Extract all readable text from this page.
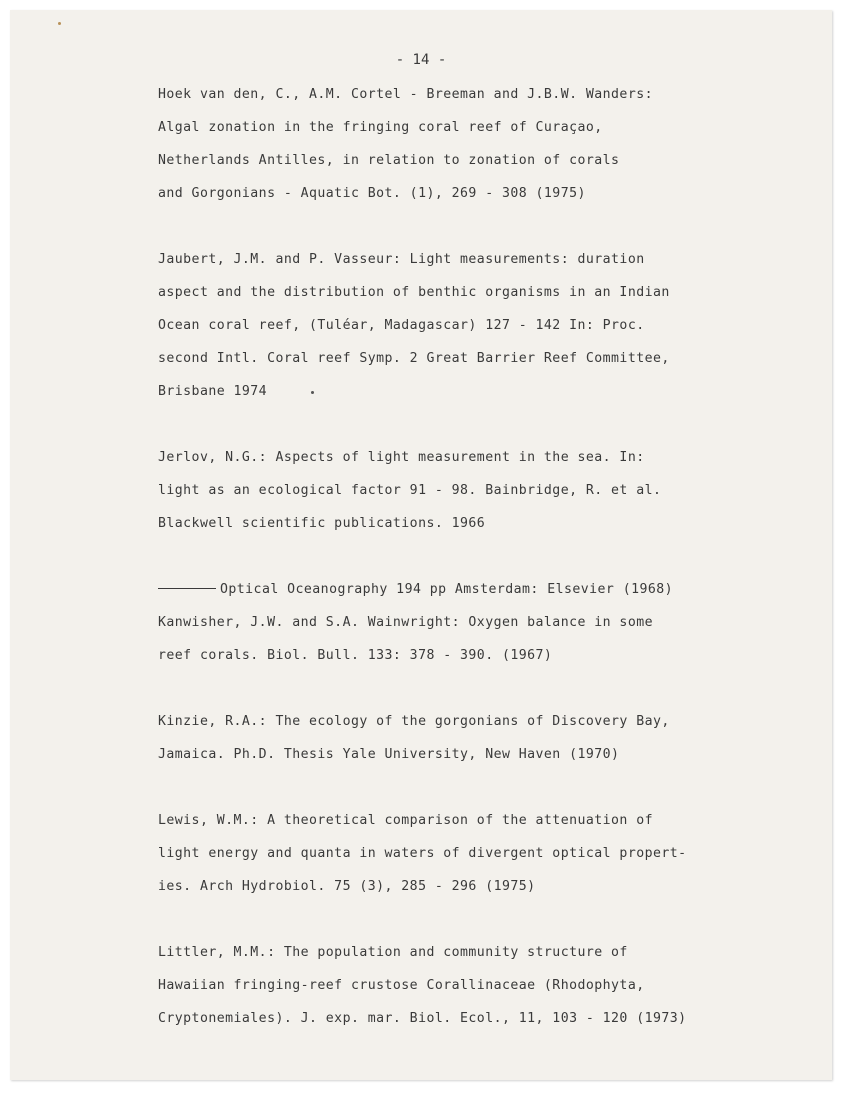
- 14 -
Hoek van den, C., A.M. Cortel - Breeman and J.B.W. Wanders:
Algal zonation in the fringing coral reef of Curaçao,
Netherlands Antilles, in relation to zonation of corals
and Gorgonians - Aquatic Bot. (1), 269 - 308 (1975)
Jaubert, J.M. and P. Vasseur: Light measurements: duration
aspect and the distribution of benthic organisms in an Indian
Ocean coral reef, (Tuléar, Madagascar) 127 - 142 In: Proc.
second Intl. Coral reef Symp. 2 Great Barrier Reef Committee,
Brisbane 1974
Jerlov, N.G.: Aspects of light measurement in the sea. In:
light as an ecological factor 91 - 98. Bainbridge, R. et al.
Blackwell scientific publications. 1966
Optical Oceanography 194 pp Amsterdam: Elsevier (1968)
Kanwisher, J.W. and S.A. Wainwright: Oxygen balance in some
reef corals. Biol. Bull. 133: 378 - 390. (1967)
Kinzie, R.A.: The ecology of the gorgonians of Discovery Bay,
Jamaica. Ph.D. Thesis Yale University, New Haven (1970)
Lewis, W.M.: A theoretical comparison of the attenuation of
light energy and quanta in waters of divergent optical propert-
ies. Arch Hydrobiol. 75 (3), 285 - 296 (1975)
Littler, M.M.: The population and community structure of
Hawaiian fringing-reef crustose Corallinaceae (Rhodophyta,
Cryptonemiales). J. exp. mar. Biol. Ecol., 11, 103 - 120 (1973)
